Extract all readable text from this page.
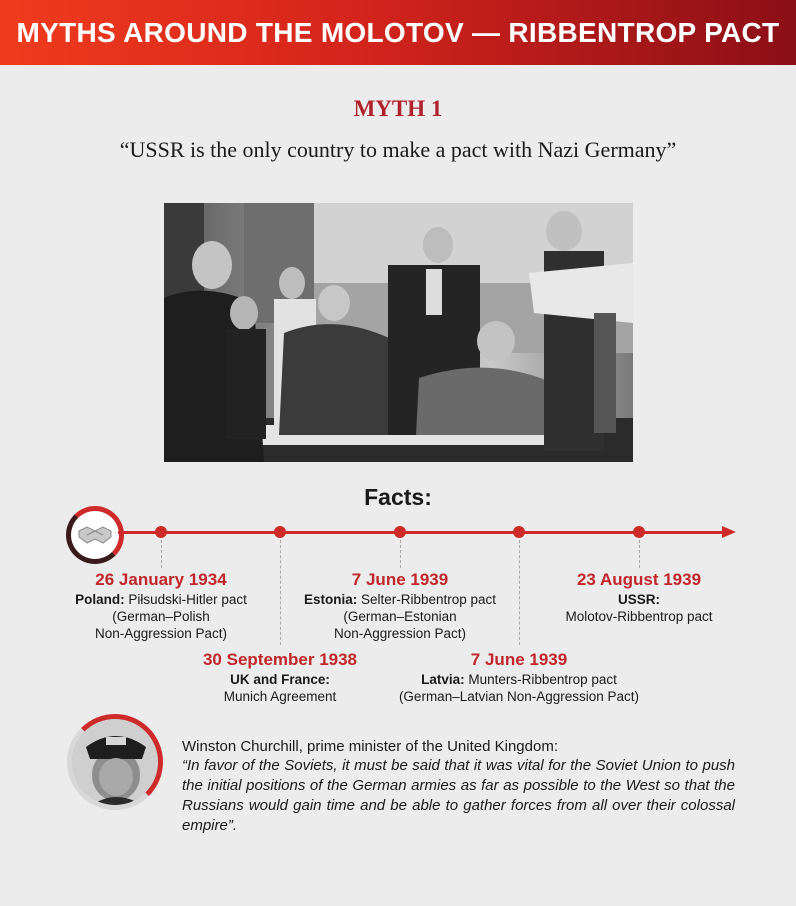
MYTHS AROUND THE MOLOTOV — RIBBENTROP PACT
MYTH 1
“USSR is the only country to make a pact with Nazi Germany”
Facts:
26 January 1934
Poland: Piłsudski-Hitler pact
(German–Polish
Non-Aggression Pact)
30 September 1938
UK and France:
Munich Agreement
7 June 1939
Estonia: Selter-Ribbentrop pact
(German–Estonian
Non-Aggression Pact)
7 June 1939
Latvia: Munters-Ribbentrop pact
(German–Latvian Non-Aggression Pact)
23 August 1939
USSR:
Molotov-Ribbentrop pact
Winston Churchill, prime minister of the United Kingdom:
“In favor of the Soviets, it must be said that it was vital for the Soviet Union to push the initial positions of the German armies as far as possible to the West so that the Russians would gain time and be able to gather forces from all over their colossal empire”.
